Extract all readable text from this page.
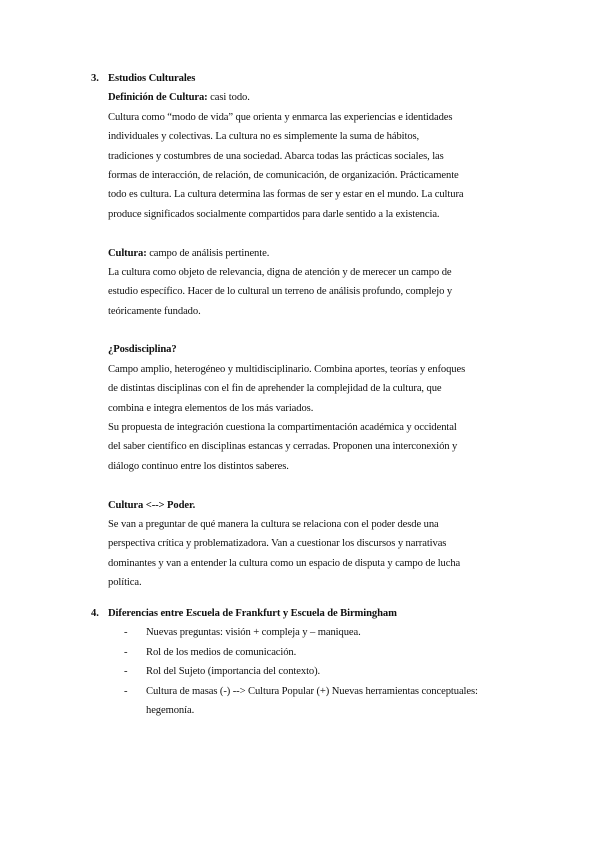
3. Estudios Culturales
Definición de Cultura: casi todo.
Cultura como “modo de vida” que orienta y enmarca las experiencias e identidades
individuales y colectivas. La cultura no es simplemente la suma de hábitos,
tradiciones y costumbres de una sociedad. Abarca todas las prácticas sociales, las
formas de interacción, de relación, de comunicación, de organización. Prácticamente
todo es cultura. La cultura determina las formas de ser y estar en el mundo. La cultura
produce significados socialmente compartidos para darle sentido a la existencia.
Cultura: campo de análisis pertinente.
La cultura como objeto de relevancia, digna de atención y de merecer un campo de
estudio específico. Hacer de lo cultural un terreno de análisis profundo, complejo y
teóricamente fundado.
¿Posdisciplina?
Campo amplio, heterogéneo y multidisciplinario. Combina aportes, teorías y enfoques
de distintas disciplinas con el fin de aprehender la complejidad de la cultura, que
combina e integra elementos de los más variados.
Su propuesta de integración cuestiona la compartimentación académica y occidental
del saber científico en disciplinas estancas y cerradas. Proponen una interconexión y
diálogo continuo entre los distintos saberes.
Cultura <--> Poder.
Se van a preguntar de qué manera la cultura se relaciona con el poder desde una
perspectiva crítica y problematizadora. Van a cuestionar los discursos y narrativas
dominantes y van a entender la cultura como un espacio de disputa y campo de lucha
política.
4. Diferencias entre Escuela de Frankfurt y Escuela de Birmingham
- Nuevas preguntas: visión + compleja y – maniquea.
- Rol de los medios de comunicación.
- Rol del Sujeto (importancia del contexto).
- Cultura de masas (-) --> Cultura Popular (+) Nuevas herramientas conceptuales:
hegemonía.
